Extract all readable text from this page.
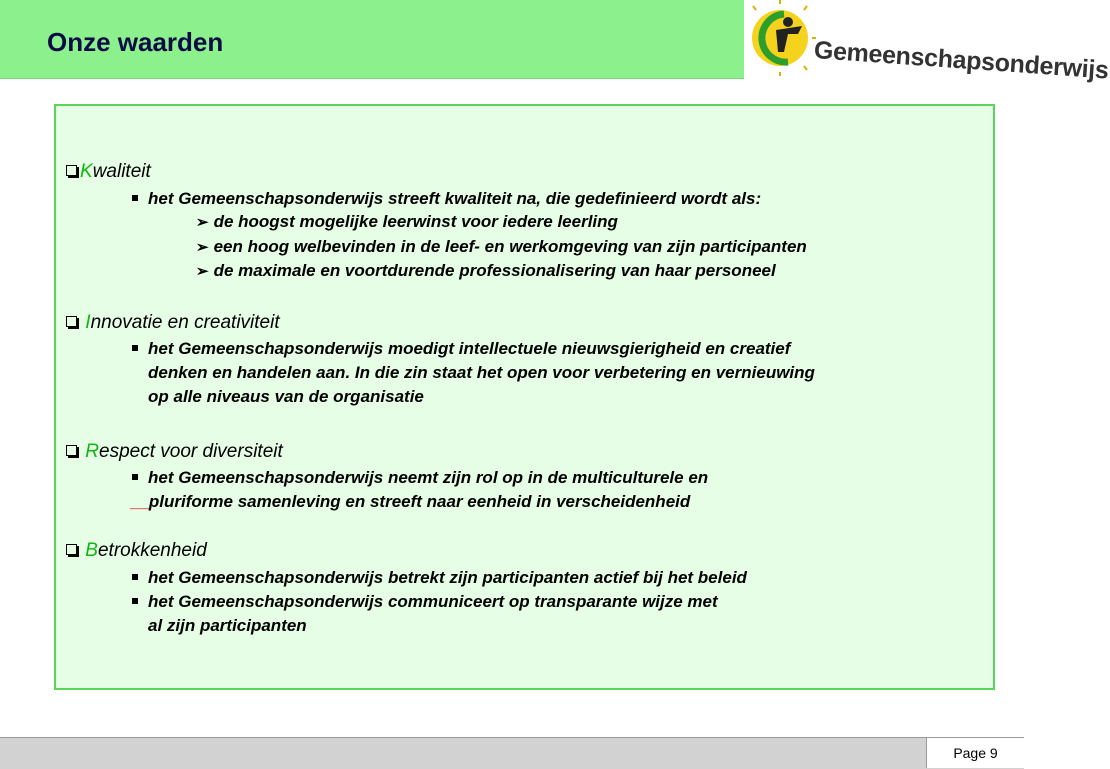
Onze waarden	Gemeenschapsonderwijs
Kwaliteit
het Gemeenschapsonderwijs streeft kwaliteit na, die gedefinieerd wordt als:
➢ de hoogst mogelijke leerwinst voor iedere leerling
➢ een hoog welbevinden in de leef- en werkomgeving van zijn participanten
➢ de maximale en voortdurende professionalisering van haar personeel
Innovatie en creativiteit
het Gemeenschapsonderwijs moedigt intellectuele nieuwsgierigheid en creatief
denken en handelen aan. In die zin staat het open voor verbetering en vernieuwing
op alle niveaus van de organisatie
Respect voor diversiteit
het Gemeenschapsonderwijs neemt zijn rol op in de multiculturele en
__pluriforme samenleving en streeft naar eenheid in verscheidenheid
Betrokkenheid
het Gemeenschapsonderwijs betrekt zijn participanten actief bij het beleid
het Gemeenschapsonderwijs communiceert op transparante wijze met
al zijn participanten
Page 9
